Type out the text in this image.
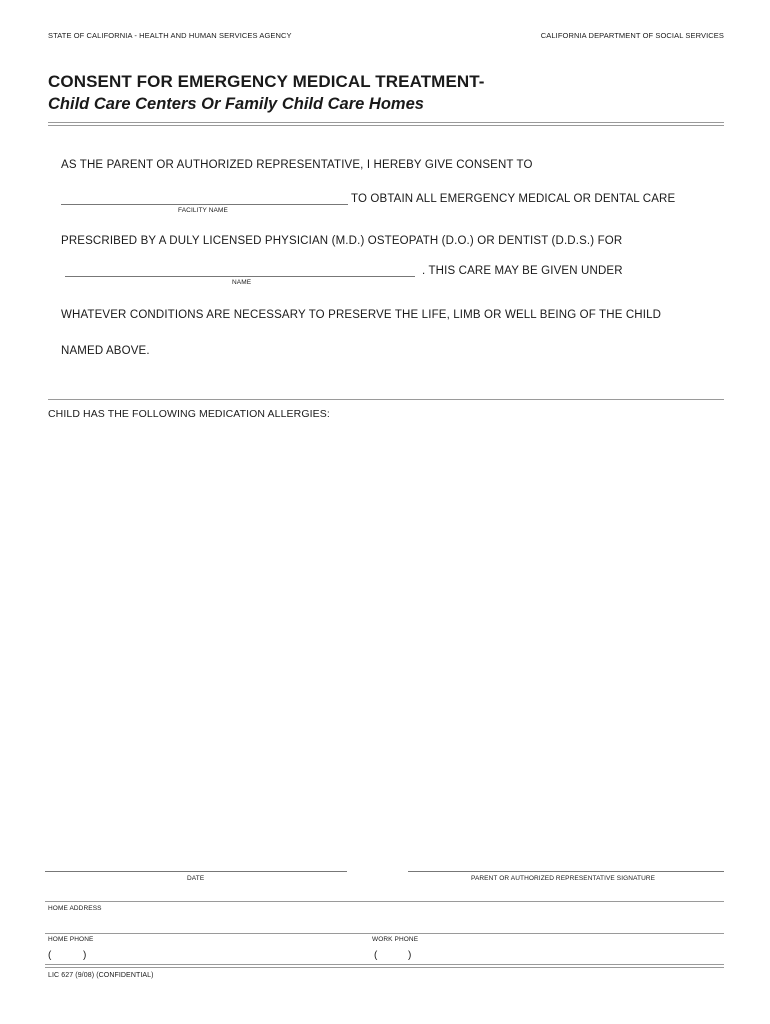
STATE OF CALIFORNIA - HEALTH AND HUMAN SERVICES AGENCY	CALIFORNIA DEPARTMENT OF SOCIAL SERVICES
CONSENT FOR EMERGENCY MEDICAL TREATMENT-
Child Care Centers Or Family Child Care Homes
AS THE PARENT OR AUTHORIZED REPRESENTATIVE, I HEREBY GIVE CONSENT TO
TO OBTAIN ALL EMERGENCY MEDICAL OR DENTAL CARE
FACILITY NAME
PRESCRIBED BY A DULY LICENSED PHYSICIAN (M.D.) OSTEOPATH (D.O.) OR DENTIST (D.D.S.) FOR
. THIS CARE MAY BE GIVEN UNDER
NAME
WHATEVER CONDITIONS ARE NECESSARY TO PRESERVE THE LIFE, LIMB OR WELL BEING OF THE CHILD
NAMED ABOVE.
CHILD HAS THE FOLLOWING MEDICATION ALLERGIES:
DATE	PARENT OR AUTHORIZED REPRESENTATIVE SIGNATURE
HOME ADDRESS
HOME PHONE	WORK PHONE
(	)	(	)
LIC 627 (9/08) (CONFIDENTIAL)
